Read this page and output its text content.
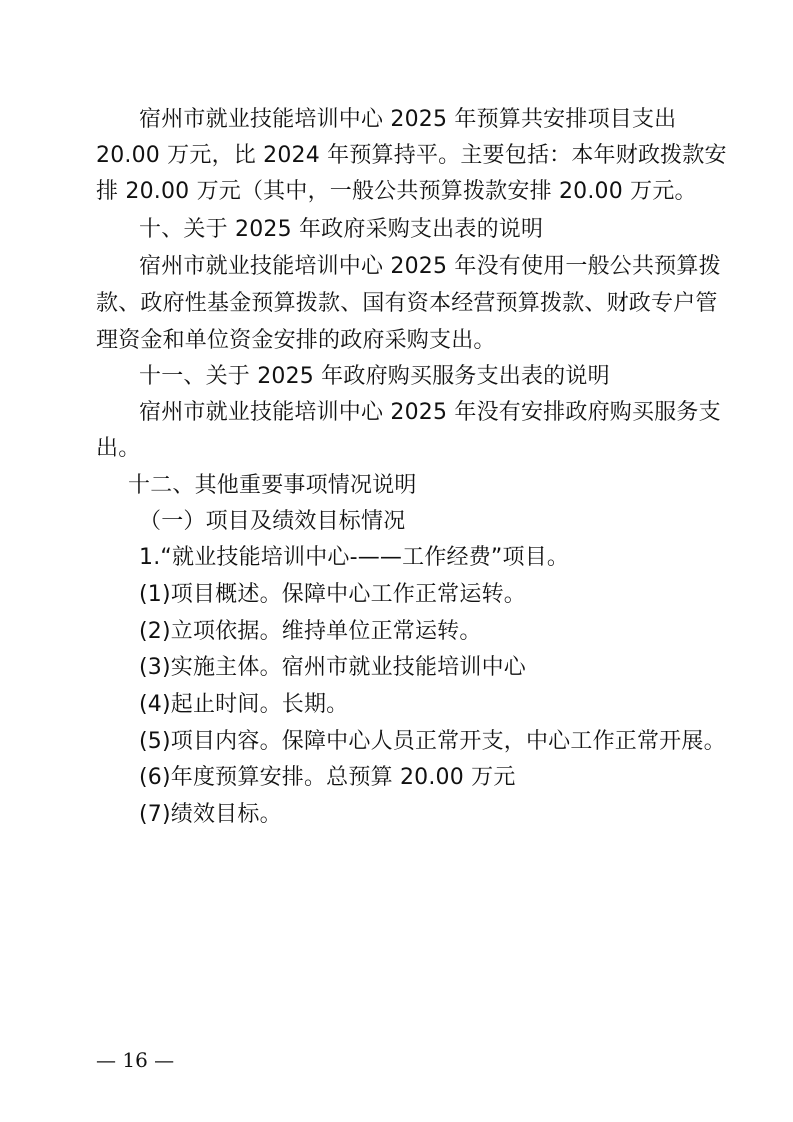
宿州市就业技能培训中心 2025 年预算共安排项目支出
20.00 万元，比 2024 年预算持平。主要包括：本年财政拨款安
排 20.00 万元（其中，一般公共预算拨款安排 20.00 万元。
十、关于 2025 年政府采购支出表的说明
宿州市就业技能培训中心 2025 年没有使用一般公共预算拨
款、政府性基金预算拨款、国有资本经营预算拨款、财政专户管
理资金和单位资金安排的政府采购支出。
十一、关于 2025 年政府购买服务支出表的说明
宿州市就业技能培训中心 2025 年没有安排政府购买服务支
出。
十二、其他重要事项情况说明
（一）项目及绩效目标情况
1.“就业技能培训中心-——工作经费”项目。
(1)项目概述。保障中心工作正常运转。
(2)立项依据。维持单位正常运转。
(3)实施主体。宿州市就业技能培训中心
(4)起止时间。长期。
(5)项目内容。保障中心人员正常开支，中心工作正常开展。
(6)年度预算安排。总预算 20.00 万元
(7)绩效目标。
— 16 —
